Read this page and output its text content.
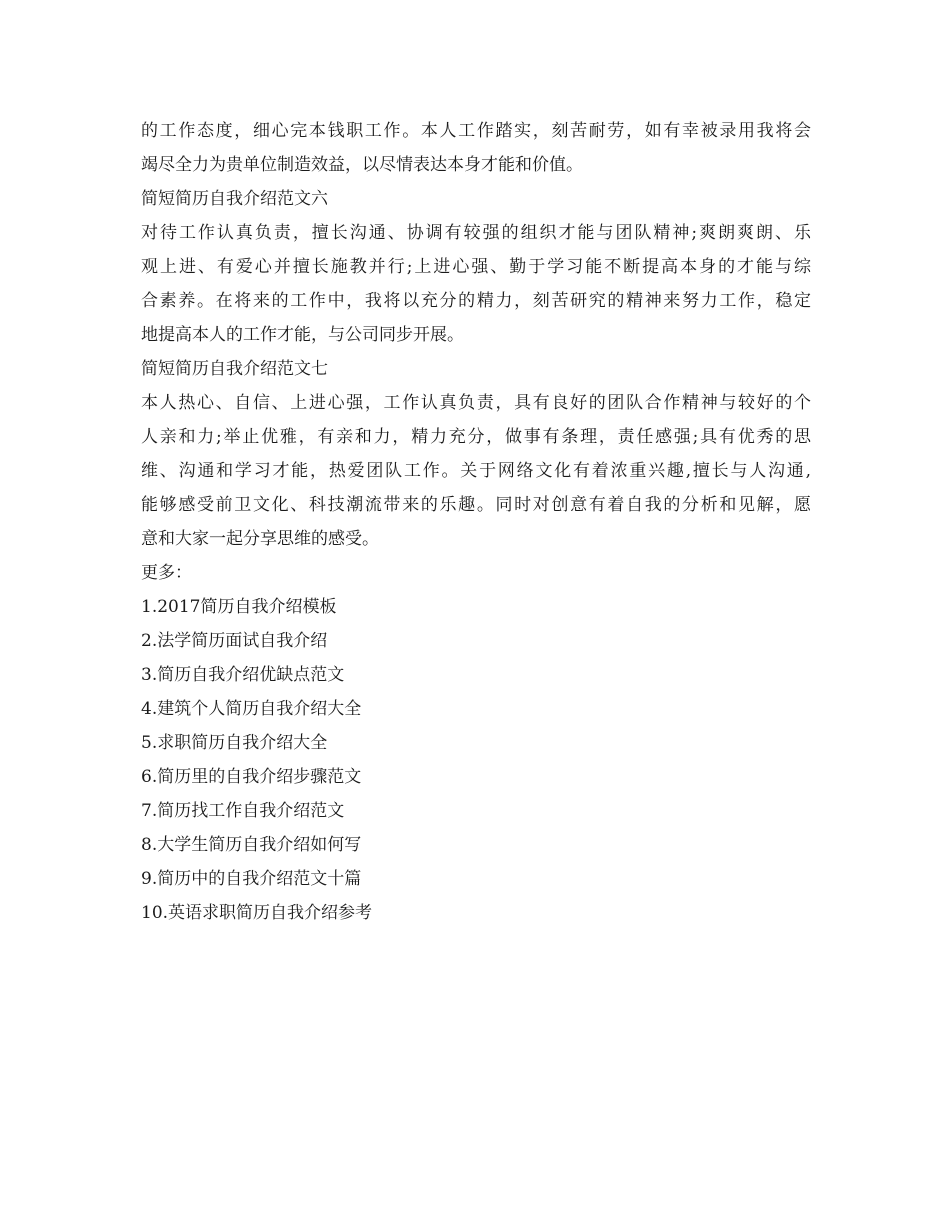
的工作态度，细心完本钱职工作。本人工作踏实，刻苦耐劳，如有幸被录用我将会
竭尽全力为贵单位制造效益，以尽情表达本身才能和价值。
简短简历自我介绍范文六
对待工作认真负责，擅长沟通、协调有较强的组织才能与团队精神;爽朗爽朗、乐
观上进、有爱心并擅长施教并行;上进心强、勤于学习能不断提高本身的才能与综
合素养。在将来的工作中，我将以充分的精力，刻苦研究的精神来努力工作，稳定
地提高本人的工作才能，与公司同步开展。
简短简历自我介绍范文七
本人热心、自信、上进心强，工作认真负责，具有良好的团队合作精神与较好的个
人亲和力;举止优雅，有亲和力，精力充分，做事有条理，责任感强;具有优秀的思
维、沟通和学习才能，热爱团队工作。关于网络文化有着浓重兴趣,擅长与人沟通,
能够感受前卫文化、科技潮流带来的乐趣。同时对创意有着自我的分析和见解，愿
意和大家一起分享思维的感受。
更多：
1.2017简历自我介绍模板
2.法学简历面试自我介绍
3.简历自我介绍优缺点范文
4.建筑个人简历自我介绍大全
5.求职简历自我介绍大全
6.简历里的自我介绍步骤范文
7.简历找工作自我介绍范文
8.大学生简历自我介绍如何写
9.简历中的自我介绍范文十篇
10.英语求职简历自我介绍参考
